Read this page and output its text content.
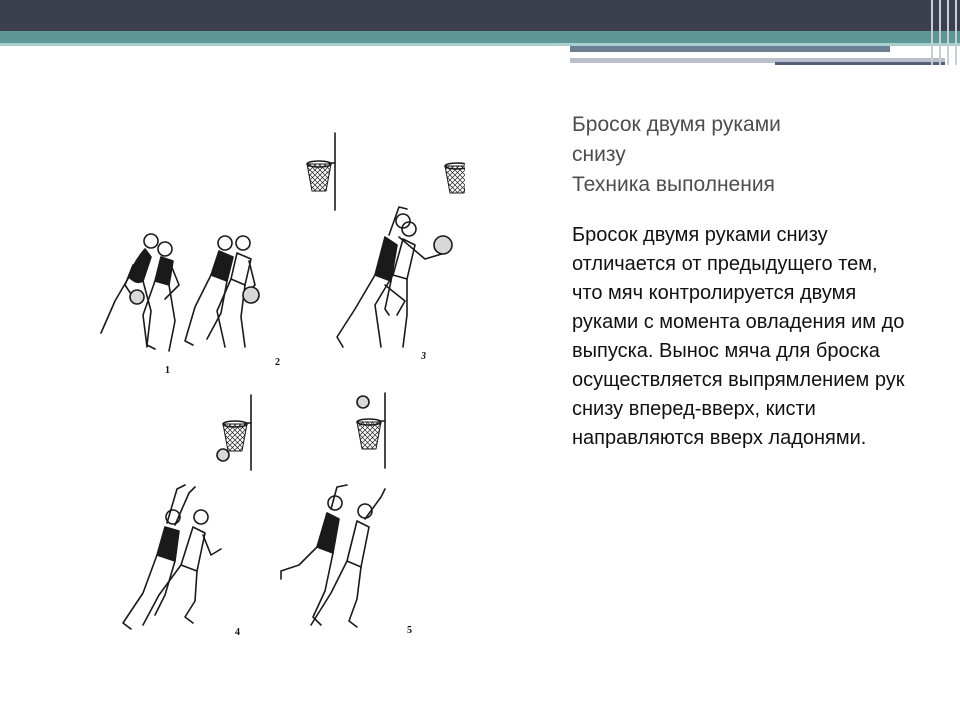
Бросок двумя руками
снизу
Техника выполнения

Бросок двумя руками снизу отличается от предыдущего тем, что мяч контролируется двумя руками с момента овладения им до выпуска. Вынос мяча для броска осуществляется выпрямлением рук снизу вперед-вверх, кисти направляются вверх ладонями.

1
2
3
4	5
